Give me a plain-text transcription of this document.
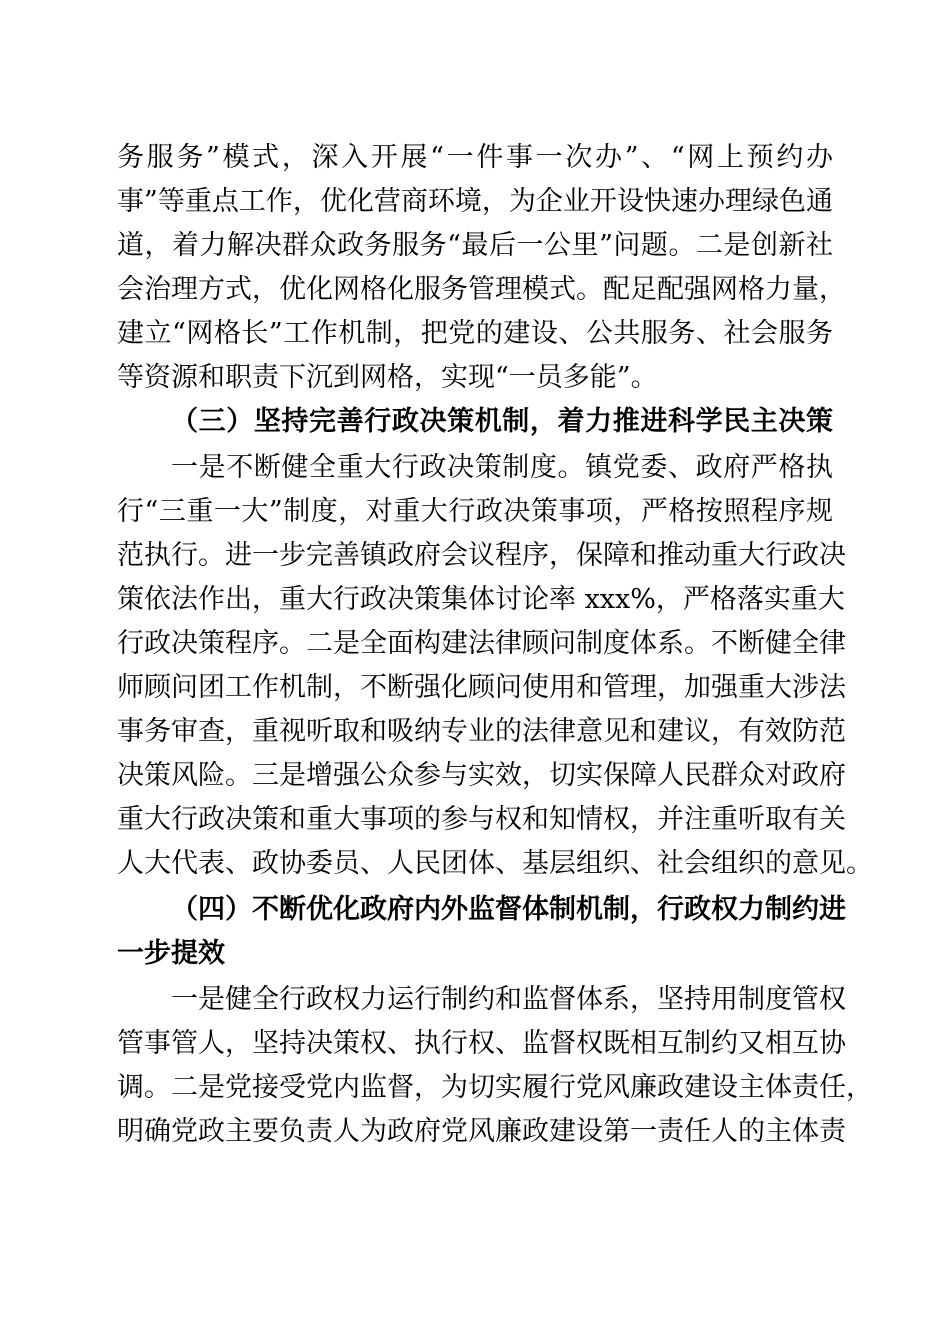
务服务”模式，深入开展“一件事一次办”、“网上预约办
事”等重点工作，优化营商环境，为企业开设快速办理绿色通
道，着力解决群众政务服务“最后一公里”问题。二是创新社
会治理方式，优化网格化服务管理模式。配足配强网格力量，
建立“网格长”工作机制，把党的建设、公共服务、社会服务
等资源和职责下沉到网格，实现“一员多能”。
（三）坚持完善行政决策机制，着力推进科学民主决策
一是不断健全重大行政决策制度。镇党委、政府严格执
行“三重一大”制度，对重大行政决策事项，严格按照程序规
范执行。进一步完善镇政府会议程序，保障和推动重大行政决
策依法作出，重大行政决策集体讨论率 xxx%，严格落实重大
行政决策程序。二是全面构建法律顾问制度体系。不断健全律
师顾问团工作机制，不断强化顾问使用和管理，加强重大涉法
事务审查，重视听取和吸纳专业的法律意见和建议，有效防范
决策风险。三是增强公众参与实效，切实保障人民群众对政府
重大行政决策和重大事项的参与权和知情权，并注重听取有关
人大代表、政协委员、人民团体、基层组织、社会组织的意见。
（四）不断优化政府内外监督体制机制，行政权力制约进
一步提效
一是健全行政权力运行制约和监督体系，坚持用制度管权
管事管人，坚持决策权、执行权、监督权既相互制约又相互协
调。二是党接受党内监督，为切实履行党风廉政建设主体责任，
明确党政主要负责人为政府党风廉政建设第一责任人的主体责
